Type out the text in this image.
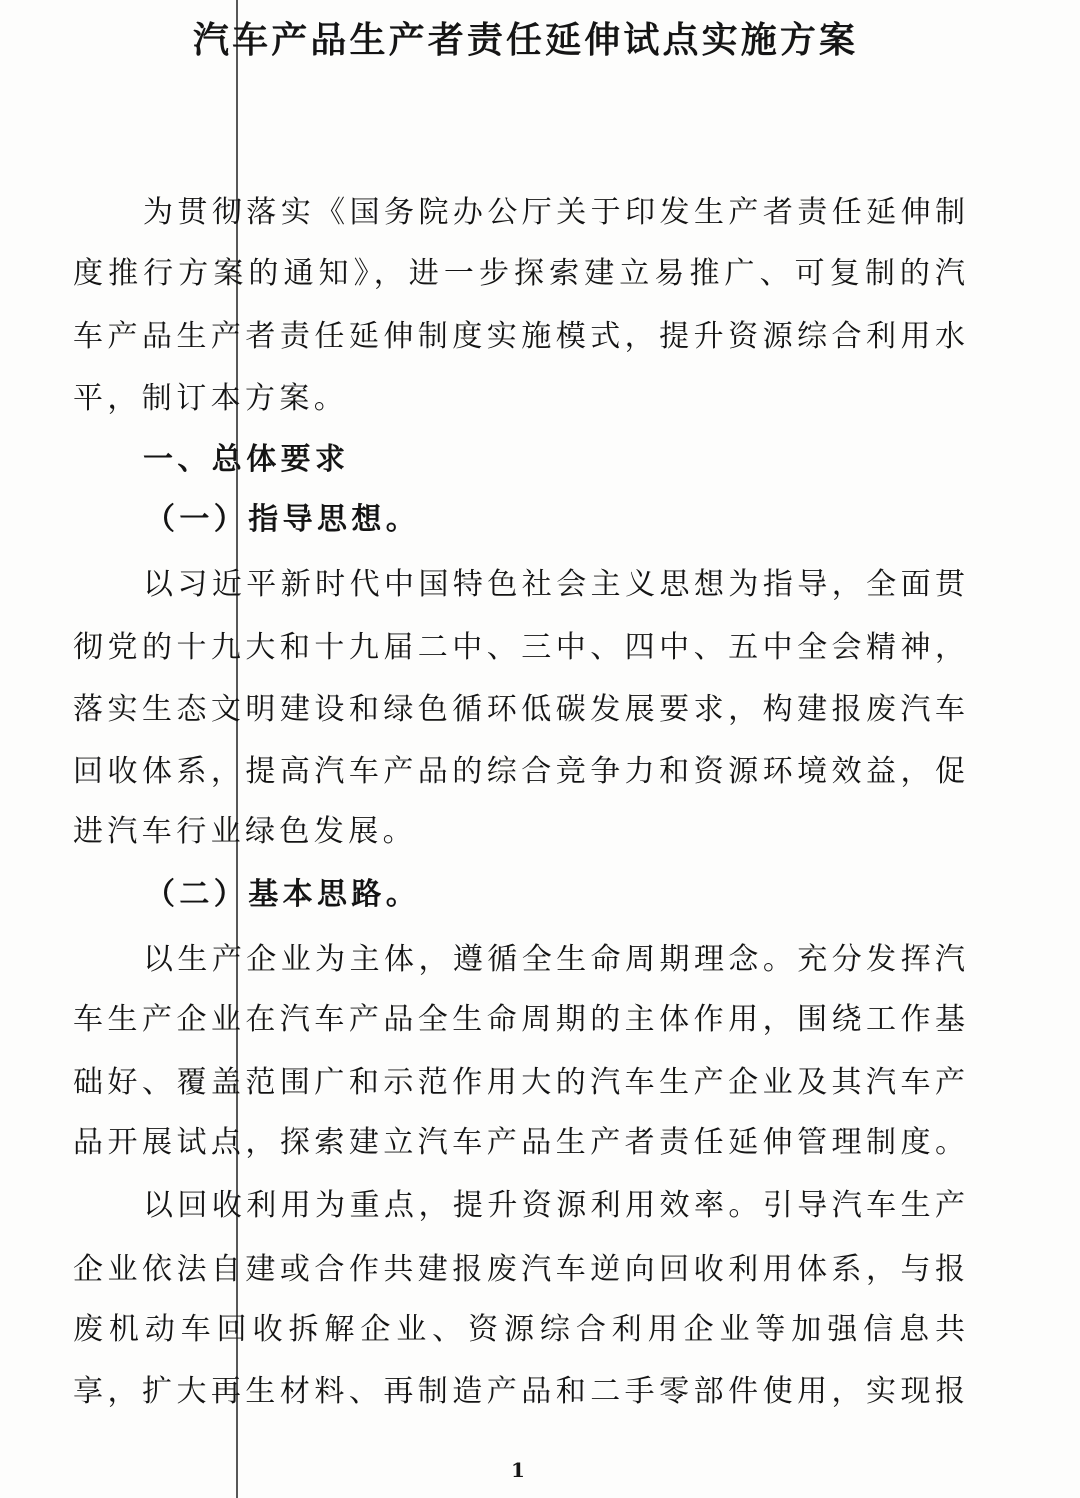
汽车产品生产者责任延伸试点实施方案
为贯彻落实《国务院办公厅关于印发生产者责任延伸制
度推行方案的通知》，进一步探索建立易推广、可复制的汽
车产品生产者责任延伸制度实施模式，提升资源综合利用水
平，制订本方案。
一、总体要求
（一）指导思想。
以习近平新时代中国特色社会主义思想为指导，全面贯
彻党的十九大和十九届二中、三中、四中、五中全会精神，
落实生态文明建设和绿色循环低碳发展要求，构建报废汽车
回收体系，提高汽车产品的综合竞争力和资源环境效益，促
进汽车行业绿色发展。
（二）基本思路。
以生产企业为主体，遵循全生命周期理念。充分发挥汽
车生产企业在汽车产品全生命周期的主体作用，围绕工作基
础好、覆盖范围广和示范作用大的汽车生产企业及其汽车产
品开展试点，探索建立汽车产品生产者责任延伸管理制度。
以回收利用为重点，提升资源利用效率。引导汽车生产
企业依法自建或合作共建报废汽车逆向回收利用体系，与报
废机动车回收拆解企业、资源综合利用企业等加强信息共
享，扩大再生材料、再制造产品和二手零部件使用，实现报
1
